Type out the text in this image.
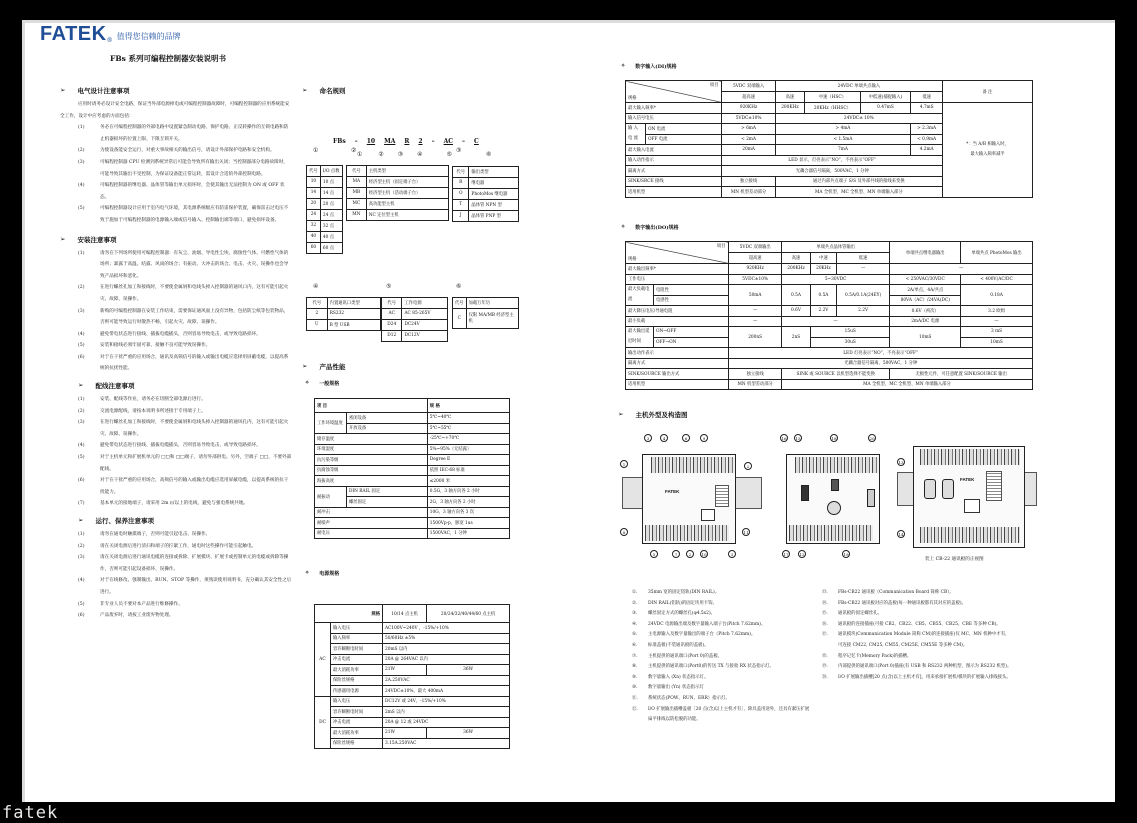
FATEK ® 值得您信赖的品牌
FBs 系列可编程控制器安装说明书
➢ 电气设计注意事项
应用时请务必设计安全电路，保证当外部电源掉电或可编程控制器故障时，可编程控制器的应用系统能安全工作，设计中应考虑的方面包括：
(1)	务必在可编程控制器的外部电路中设置紧急制动电路、保护电路、正反转操作的互锁电路和防止机器损坏的位置上限、下限互锁开关。
(2)	为使设备能安全运行，对重大事故相关的输出信号，请设计外部保护电路和安全机构。
(3)	可编程控制器 CPU 检测到系统异常后可能会导致所有输出关闭；当控制器部分电路故障时，可能导致其输出不受控制，为保证设备能正常运转，需设计合适的外部控制电路。
(4)	可编程控制器的继电器、晶体管等输出单元损坏时，会使其输出无法控制为 ON 或 OFF 状态。
(5)	可编程控制器设计应用于室内电气环境，其电源系统级应有防雷保护装置，确保雷击过电压不致于施加于可编程控制器的电源输入端或信号输入、控制输出端等端口，避免损坏设备。
➢ 安装注意事项
(1)	请勿在下列场所使用可编程控制器：有灰尘、油烟、导电性尘埃、腐蚀性气体、可燃性气体的场所；暴露于高温、结露、风雨的场合；有振动、大冲击的场合。电击、火灾、误操作也会导致产品损坏和恶化。
(2)	在进行螺丝孔加工和接线时，不要使金属屑和电线头掉入控制器的通风口内，这有可能引起火灾、故障、误操作。
(3)	新购的可编程控制器在安装工作结束，需要保证通风面上没有异物，包括防尘纸等包装物品，否则可能导致运行时散热不畅，引起火灾、故障、误操作。
(4)	避免带电状态进行接线、插拔电缆插头，否则容易导致电击，或导致电路损坏。
(5)	安装和接线必须牢固可靠，接触不良可能导致误操作。
(6)	对于在干扰严重的应用场合，通讯及高频信号的输入或输出电缆应选择用屏蔽电缆，以提高系统的抗扰性能。
➢ 配线注意事项
(1)	安装、配线等作业，请务必在切断全部电源后进行。
(2)	交流电源配线，请按本说明书所述接于专用端子上。
(3)	在进行螺丝孔加工和接线时，不要使金属屑和电线头掉入控制器的通风孔内，这有可能引起火灾、故障、误操作。
(4)	避免带电状态进行接线、插拔电缆插头，否则容易导致电击，或导致电路损坏。
(5)	对于主机单元和扩展机单元的 □□和 □□端子，请勿外部供电。另外，空端子 □□，不要外部配线。
(6)	对于在干扰严重的应用场合，高频信号的输入或输出电缆应选用屏蔽电缆，以提高系统的抗干扰能力。
(7)	基本单元的接地端子，请采用 2m ㎡以上的电线，避免与强电系统共地。
➢ 运行、保养注意事项
(1)	请勿在通电时触摸端子，否则可能引起电击、误操作。
(2)	请在关闭电源后进行清扫和端子的拧紧工作，通电时这些操作可能引起触电。
(3)	请在关闭电源后进行通讯电缆的连接或拆除、扩展模块、扩展卡或控制单元的电缆或拆除等操作，否则可能引起设备损坏、误操作。
(4)	对于在线修改、强制输出、RUN、STOP 等操作，须熟读使用说明书，充分确认其安全性之后进行。
(5)	非专业人员不要对本产品进行维修操作。
(6)	产品废弃时，请按工业废弃物处理。
➢ 命名规则
FBs – 10 MA R 2 – AC – C
①	② ③ ④	⑤	⑥
①	②	③
代号	I/O 点数
10	10 点
14	14 点
20	20 点
24	24 点
32	32 点
40	40 点
60	60 点
代号	主机类型
MA	经济型主机（固定端子台）
MB	经济型主机（活动端子台）
MC	高功能型主机
MN	NC 定位型主机
代号	输出类型
R	继电器
O	PhotoMos 继电器
T	晶体管 NPN 型
J	晶体管 PNP 型
④	⑤	⑥
代号	内置通讯口类型
2	RS232
U	B 型 USB
代号	工作电源
AC	AC 85-265V
D24	DC24V
D12	DC12V
代号	加载万年历
C	仅限 MA/MB 经济型主机
➢ 产品性能
✧ 一般规格
项 目		规 格
工作环境温度	密闭设备	5℃~40℃
	开放设备	5℃~55℃
储存温度		-25℃~+70℃
环境湿度		5%~95%（无结露）
抗污染等级		Degree Ⅱ
抗腐蚀等级		依照 IEC-68 标准
海拔高度		≤2000 米
耐振动	DIN RAIL 固定	0.5G，3 轴方向各 2 小时
	螺丝固定	2G，3 轴方向各 2 小时
耐冲击		10G，3 轴方向各 3 次
耐噪声		1500Vp-p，脉宽 1us
耐电压		1500VAC，1 分钟
✧ 电源规格
规格		10/14 点主机	20/24/32/40/44/60 点主机
AC	输入电压	AC100V~240V ，-15%/+10%	
	输入频率	50/60Hz ±5%	
	容许瞬断电时间	20mS 以内	
	冲击电流	20A @ 264VAC 以内	
	最大消耗功率	21W	36W
	保险丝规格	2A.250VAC	
	传感器用电源	24VDC±10%，最大 400mA	
DC	输入电压	DC12V 或 24V，-15%/+10%	
	容许瞬断电时间	2mS 以内	
	冲击电流	20A @ 12 或 24VDC	
	最大消耗功率	21W	36W
	保险丝规格	3.15A.250VAC	
✧ 数字输入(DI)规格
项目
规格		5VDC 双端输入	24VDC 单端共点输入				备 注
		超高速	高速	中速（HSC）	中低速(捕捉输入)	低速	
最大输入频率*		920KHz	200KHz	20KHz（HHSC）	0.47mS	4.7mS	*：当 A/B 相输入时，
最大输入频率减半

输入信号电压		5VDC±10%	24VDC± 10%				
输 入
电 流	ON 电流	> 6mA	> 4mA			> 2.3mA	
	OFF 电流	< 2mA	< 1.5mA			< 0.9mA	
最大输入电流		20mA	7mA			4.2mA	
输入动作指示		LED 显示，灯亮表示“NO”，不亮表示“OFF”					
隔离方式		光藕合器信号隔离，500VAC，1 分钟					
SINK/SRCE 接线		独立接线	通过内部共点端子 S/S 及外部共线的接线来变换				
适用机型		MN 机型差动部分	MA 全机型、MC 全机型、MN 单端输入部分				
✧ 数字输出(DO)规格
项目
规格		5VDC 双端输出	单端共点晶体管输出			单端共点继电器输出	单端共点 PhotoMos 输出
		超高速	高速	中速	低速		
最大输出频率*		920KHz	200KHz	20KHz	—	—	
工作电压		5VDC±10%	5~30VDC			< 250VAC/30VDC	< 400V(AC/DC
最大负载电流	电阻性	50mA	0.5A	0.5A	0.5A/0.1A(24EY)	2A/单点，4A/共点	0.18A
	电感性					80VA（AC）/24VA(DC)	
最大降压电压/导通电阻		—	0.6V	2.2V	2.2V	0.6V（初次）	3.2 欧姆
最小负载		—	—			2mA/DC 电源	—
最大输出延迟时间	ON→OFF	200nS	2nS	15uS		10mS	3 mS
	OFF→ON			30uS			10mS
输出动作表示		LED 灯亮表示“NO”，不亮表示“OFF”					
隔离方式		光藕合器信号隔离，500VAC，1 分钟					
SINK/SOURCE 输出方式		独立接线	SINK 或 SOURCE 以机型选择不能变换			无极性元件，可任意配置 SINK/SOURCE 输出	
适用机型		MN 机型差动部分	MA 全机型、MC 全机型、MN 单端输入部分				
➢ 主机外型及构造图
FATEK
3	4	6	9
1	2
8	11
5	7	2	10	3
16	15	18	20
17	12	19
FATEK
13
14
装上 CB-22 通讯板的正视图
①.	35mm 宽的固定铝轨(DIN RAIL)。
②.	DIN RAIL(铝轨)的固定块用卡钩。
③.	螺丝固定方式的螺丝孔(φ4.5x2)。
④.	24VDC 电源输出端及数字量输入端子台(Pitch 7.62mm)。
⑤.	主电源输入及数字量输出的端子台（Pitch 7.62mm)。
⑥.	标准盖板(不装通讯板的盖板)。
⑦.	主机提供的通讯端口(Port 0)的盖板。
⑧.	主机提供的通讯端口(Port0)的传送 TX 与接收 RX 状态指示灯。
⑨.	数字量输入 (Xn) 状态指示灯。
⑩.	数字量输出 (Yn) 状态指示灯
⑪.	系统状态(POW、RUN、ERR）指示灯。
⑫.	I/O 扩展输出插槽盖板［20 点(含)以上主机才有］，除具盖用途外，还具有紧压扩展扁平排线以防松脱的功能。
⑬.	FBs-CB22 通讯板（Communication Board 简称 CB）。
⑭.	FBs-CB22 通讯板对应的盖板(每一种通讯板都有其对应的盖板)。
⑮.	通讯板的固定螺丝孔。
⑯.	通讯板的连接插座(可接 CB2、CB22、CB5、CB55、CB25、CBE 等多种 CB)。
⑰.	通讯模块(Communication Module 简称 CM)的连接插座(仅 MC、MN 机种中才有，可连接 CM22, CM25, CM55, CM25E, CM55E 等多种 CM)。
⑱.	程序记忆卡(Memory Pack)的插槽。
⑲.	内部提供的通讯端口(Port 0)插座(有 USB 和 RS232 两种机型，图示为 RS232 机型)。
⑳.	I/O 扩展输出插槽[20 点(含)以上主机才有]，用来承接扩展机/模块的扩展输入排线接头。
fatek
